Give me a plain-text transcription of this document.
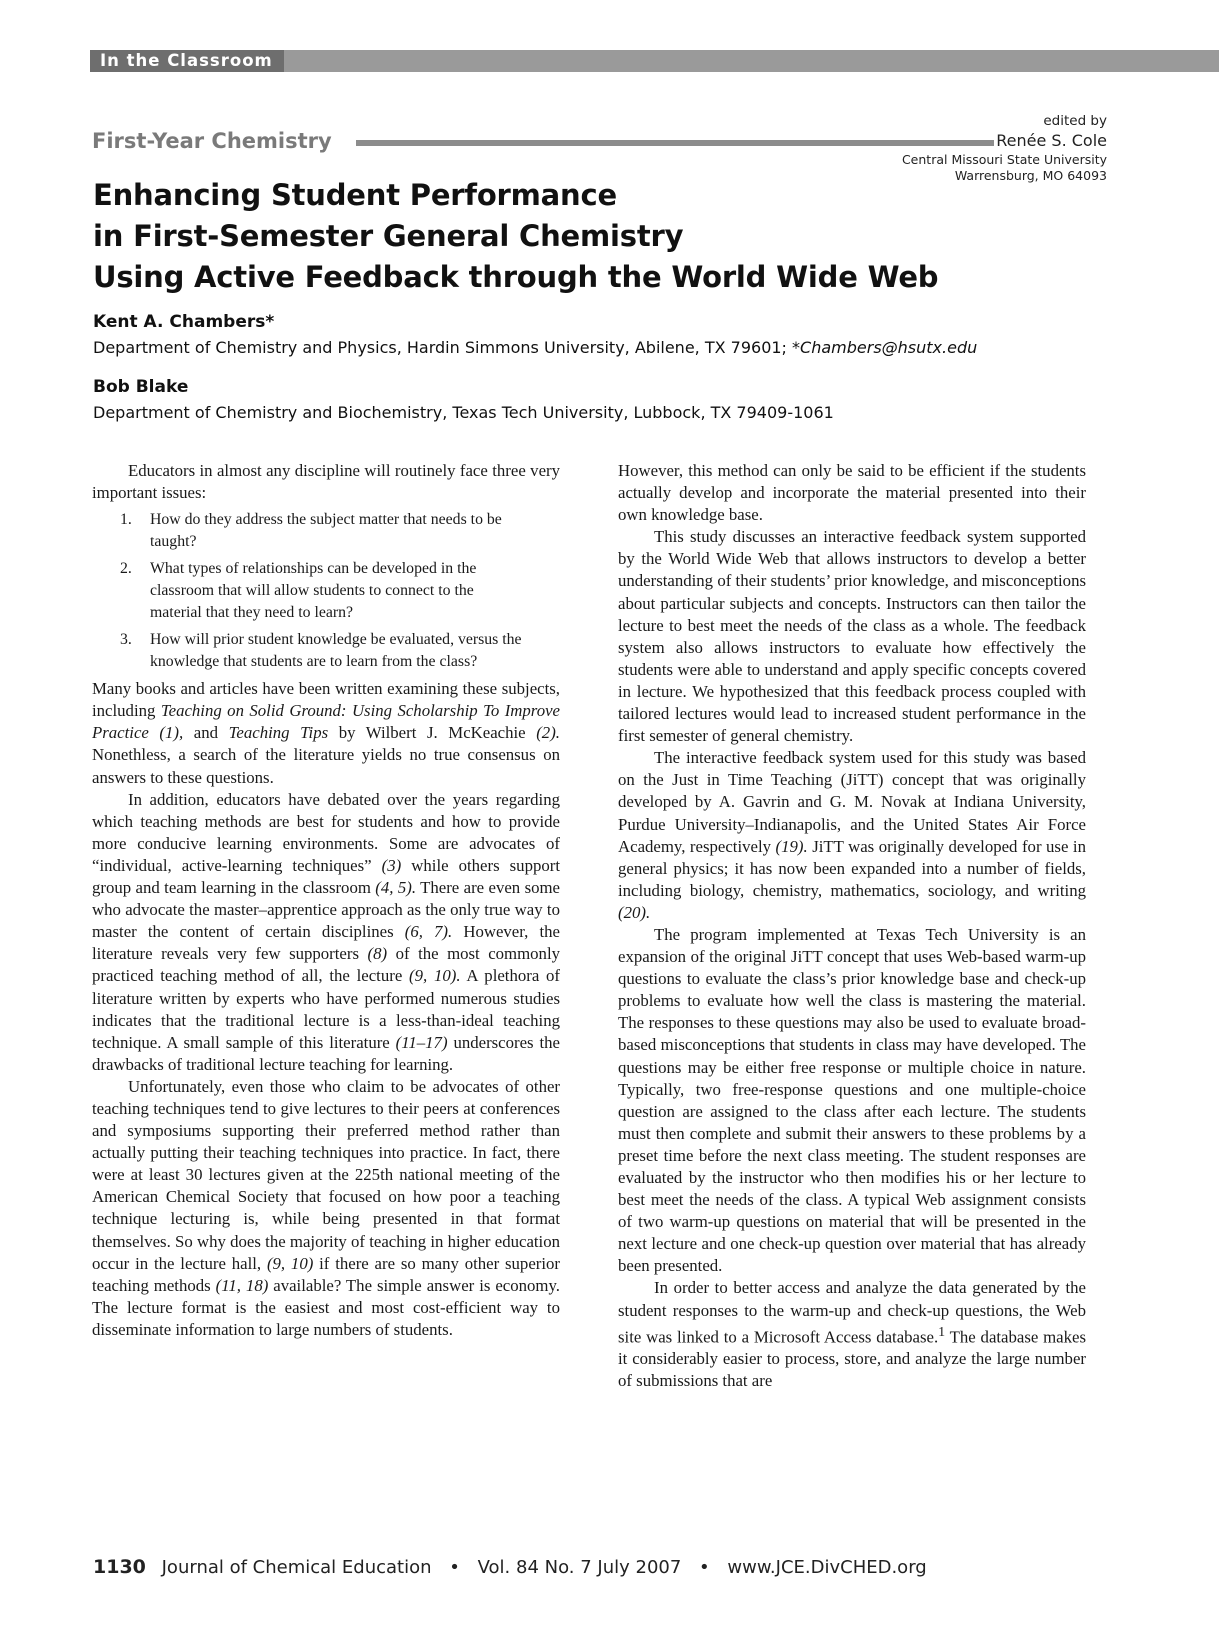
In the Classroom
edited by
Renée S. Cole
Central Missouri State University
Warrensburg, MO 64093
First-Year Chemistry
Enhancing Student Performance
in First-Semester General Chemistry
Using Active Feedback through the World Wide Web
Kent A. Chambers*
Department of Chemistry and Physics, Hardin Simmons University, Abilene, TX 79601; *Chambers@hsutx.edu
Bob Blake
Department of Chemistry and Biochemistry, Texas Tech University, Lubbock, TX 79409-1061

Educators in almost any discipline will routinely face three very important issues:

1. How do they address the subject matter that needs to be taught?
2. What types of relationships can be developed in the classroom that will allow students to connect to the material that they need to learn?
3. How will prior student knowledge be evaluated, versus the knowledge that students are to learn from the class?

Many books and articles have been written examining these subjects, including Teaching on Solid Ground: Using Scholarship To Improve Practice (1), and Teaching Tips by Wilbert J. McKeachie (2). Nonethless, a search of the literature yields no true consensus on answers to these questions.

In addition, educators have debated over the years regarding which teaching methods are best for students and how to provide more conducive learning environments. Some are advocates of “individual, active-learning techniques” (3) while others support group and team learning in the classroom (4, 5). There are even some who advocate the master–apprentice approach as the only true way to master the content of certain disciplines (6, 7). However, the literature reveals very few supporters (8) of the most commonly practiced teaching method of all, the lecture (9, 10). A plethora of literature written by experts who have performed numerous studies indicates that the traditional lecture is a less-than-ideal teaching technique. A small sample of this literature (11–17) underscores the drawbacks of traditional lecture teaching for learning.

Unfortunately, even those who claim to be advocates of other teaching techniques tend to give lectures to their peers at conferences and symposiums supporting their preferred method rather than actually putting their teaching techniques into practice. In fact, there were at least 30 lectures given at the 225th national meeting of the American Chemical Society that focused on how poor a teaching technique lecturing is, while being presented in that format themselves. So why does the majority of teaching in higher education occur in the lecture hall, (9, 10) if there are so many other superior teaching methods (11, 18) available? The simple answer is economy. The lecture format is the easiest and most cost-efficient way to disseminate information to large numbers of students.

However, this method can only be said to be efficient if the students actually develop and incorporate the material presented into their own knowledge base.

This study discusses an interactive feedback system supported by the World Wide Web that allows instructors to develop a better understanding of their students’ prior knowledge, and misconceptions about particular subjects and concepts. Instructors can then tailor the lecture to best meet the needs of the class as a whole. The feedback system also allows instructors to evaluate how effectively the students were able to understand and apply specific concepts covered in lecture. We hypothesized that this feedback process coupled with tailored lectures would lead to increased student performance in the first semester of general chemistry.

The interactive feedback system used for this study was based on the Just in Time Teaching (JiTT) concept that was originally developed by A. Gavrin and G. M. Novak at Indiana University, Purdue University–Indianapolis, and the United States Air Force Academy, respectively (19). JiTT was originally developed for use in general physics; it has now been expanded into a number of fields, including biology, chemistry, mathematics, sociology, and writing (20).

The program implemented at Texas Tech University is an expansion of the original JiTT concept that uses Web-based warm-up questions to evaluate the class’s prior knowledge base and check-up problems to evaluate how well the class is mastering the material. The responses to these questions may also be used to evaluate broad-based misconceptions that students in class may have developed. The questions may be either free response or multiple choice in nature. Typically, two free-response questions and one multiple-choice question are assigned to the class after each lecture. The students must then complete and submit their answers to these problems by a preset time before the next class meeting. The student responses are evaluated by the instructor who then modifies his or her lecture to best meet the needs of the class. A typical Web assignment consists of two warm-up questions on material that will be presented in the next lecture and one check-up question over material that has already been presented.

In order to better access and analyze the data generated by the student responses to the warm-up and check-up questions, the Web site was linked to a Microsoft Access database.$^1$ The database makes it considerably easier to process, store, and analyze the large number of submissions that are

1130 Journal of Chemical Education • Vol. 84 No. 7 July 2007 • www.JCE.DivCHED.org
